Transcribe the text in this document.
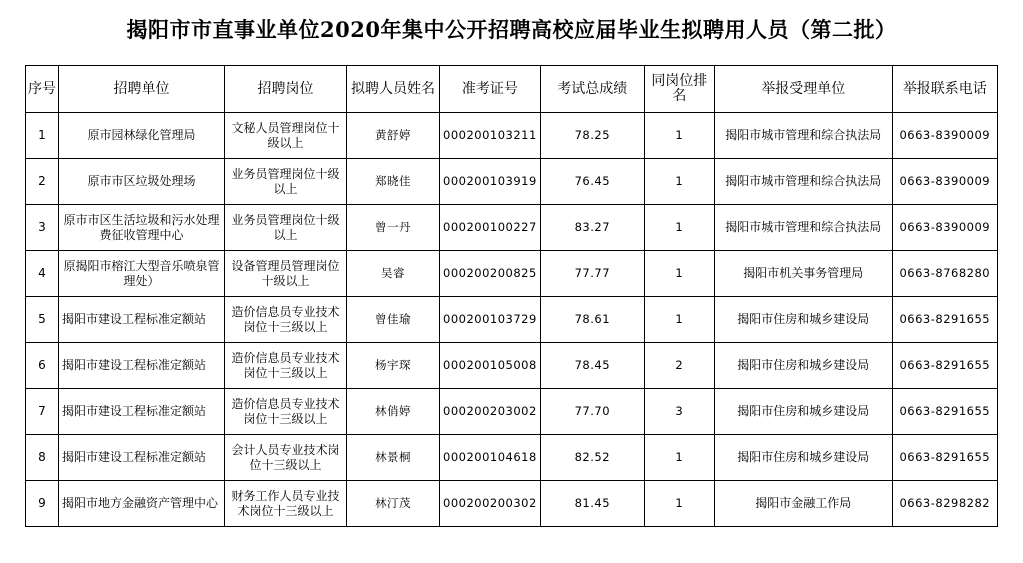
揭阳市市直事业单位2020年集中公开招聘高校应届毕业生拟聘用人员（第二批）
序号	招聘单位	招聘岗位	拟聘人员姓名	准考证号	考试总成绩	同岗位排名	举报受理单位	举报联系电话
1	原市园林绿化管理局	文秘人员管理岗位十级以上	黄舒婷	000200103211	78.25	1	揭阳市城市管理和综合执法局	0663-8390009
2	原市市区垃圾处理场	业务员管理岗位十级以上	郑晓佳	000200103919	76.45	1	揭阳市城市管理和综合执法局	0663-8390009
3	原市市区生活垃圾和污水处理费征收管理中心	业务员管理岗位十级以上	曾一丹	000200100227	83.27	1	揭阳市城市管理和综合执法局	0663-8390009
4	原揭阳市榕江大型音乐喷泉管理处）	设备管理员管理岗位十级以上	吴睿	000200200825	77.77	1	揭阳市机关事务管理局	0663-8768280
5	揭阳市建设工程标准定额站	造价信息员专业技术岗位十三级以上	曾佳瑜	000200103729	78.61	1	揭阳市住房和城乡建设局	0663-8291655
6	揭阳市建设工程标准定额站	造价信息员专业技术岗位十三级以上	杨宇琛	000200105008	78.45	2	揭阳市住房和城乡建设局	0663-8291655
7	揭阳市建设工程标准定额站	造价信息员专业技术岗位十三级以上	林俏婷	000200203002	77.70	3	揭阳市住房和城乡建设局	0663-8291655
8	揭阳市建设工程标准定额站	会计人员专业技术岗位十三级以上	林景桐	000200104618	82.52	1	揭阳市住房和城乡建设局	0663-8291655
9	揭阳市地方金融资产管理中心	财务工作人员专业技术岗位十三级以上	林汀茂	000200200302	81.45	1	揭阳市金融工作局	0663-8298282
